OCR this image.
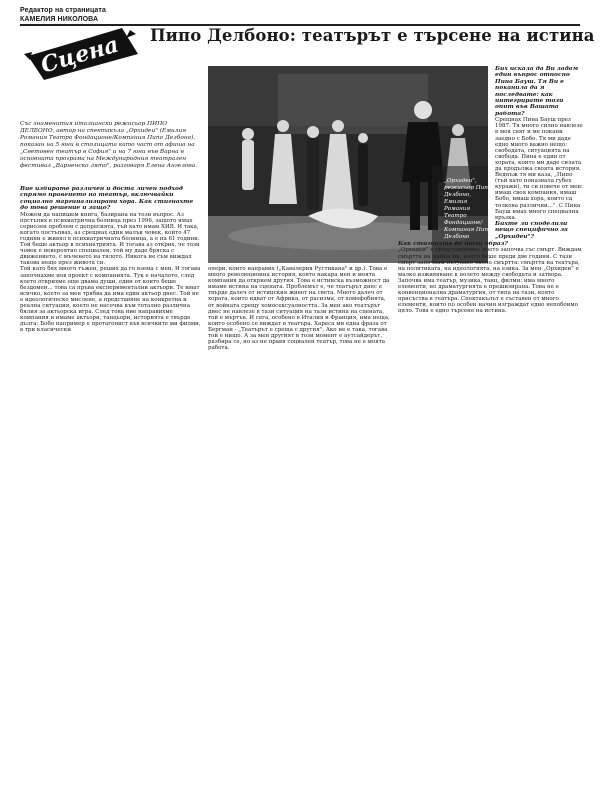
Редактор на страницата
КАМЕЛИЯ НИКОЛОВА
Сцена Пипо Делбоно: театърът е търсене на истина
„Орхидеи", режисьор Пипо Делбоно, Емилия Романия Театро Фондационе/ Компания Пипо Делбоно
Със знаменития италиански режисьор ПИПО ДЕЛБОНО, автор на спектакъла „Орхидеи" (Емилия Романия Театро Фондационе/Компания Пипо Делбоно), показан на 5 юни в столицата като част от афиша на „Световен театър в София" и на 7 юни във Варна в основната програма на Международния театрален фестивал „Варненско лято", разговаря Елена Ангелова.

Вие избирате различен и доста личен подход спрямо правенето на театър, включвайки социално маргинализирани хора. Как стигнахте до това решение и защо?

Можем да напишем книга, базирана на този въпрос. Аз постъпих в психиатрична болница през 1996, защото имах сериозен проблем с депресията, тъй като имам ХИВ. И така, когато постъпвах, аз срещнах един малък човек, който 47 години е живял в психиатричната болница, а е на 61 години. Той беше актьор в психиатрията. И тогава аз открих, че този човек е невероятно специален, той му даде бряска с движението, с мъченето на тялото. Никога не съм виждал такова нещо през живота си.

Той като бях много тъжен, реших да го взема с мен. И тогава започнахме нов проект с компанията. Тук е началото, след което открихме още двама души, един от които беше бездомен... това са пръва експериментални актьори. Те имат всичко, което за мен трябва да има един актьор днес. Той не е идеологическо мислене, а представяне на конкретна и реална ситуация, което не насочва към тотално различна бялия за актьорска игра. След това ние направихме компания и имаме актьори, танцьори, историята е твърде дълга: Бобо например е протагонист във всичките ми филми, в три класически

опери, които направих („Кавалерия Рустикана" и др.). Това е много революционна история, която накара мен и моята компания да открием другия. Това е истинска възможност да имаме истина на сцената. Проблемът е, че театърът днес е твърде далеч от истинския живот на света. Много далеч от хората, които идват от Африка, от расизма, от хомофобията, от войната срещу хомосексуалността. За мен ако театърът днес не навлезе в тази ситуация на тази истина на сцената, той е мъртъв. И сега, особено в Италия и Франция, има неща, които особено се виждат в театъра. Хареса ми една фраза от Бергман - „Театърът е среща с другия". Ако не е така, тогава той е нищо. А за мен другият в този момент е аутсайдерът, разбира се, но аз не правя социален театър, това не е моята работа.

Как стигнахте до този образ?

„Орхидеи" е представление, което започва със смърт. Виждам смъртта на майка ми, която беше преди две години. С тази смърт започвам пътуване около смъртта: смъртта на театъра, на политиката, на идеологията, на езика. За мен „Орхидеи" е малко изживяване в полето между свободата и затвора. Започва има театър, музика, танц, филми: има много елементи, но драматургията е прешизирана. Това не е конвенционална драматургия, от типа на тази, която присъства в театъра. Спектакълът е съставен от много елементи, които по особен начин изграждат едно непобоимо цяло. Това е едно търсене на истина.

Бих искала да Ви задам един въпрос относно Пина Бауш. Тя Ви е поканила да я последвате: как интегрирате този опит във Вашата работа?

Срещнах Пина Бауш през 1987. Тя много силно навлезе в моя свят и ме покани заедно с Бобо. Тя ми даде едно много важно нещо: свободата, ситуацията на свобода. Пина е един от хората, които ми даде силата да продължа своята история. Веднъж тя ми каза, „Пипо (тъй като поназвала губех куражи), ти си повече от мен: имаш своя компания, имаш Бобо, имаш хора, които са толкова различни...". С Пина Бауш имах много специална връзка.

Бихте ли споделили нещо специфично за „Орхидеи"?
